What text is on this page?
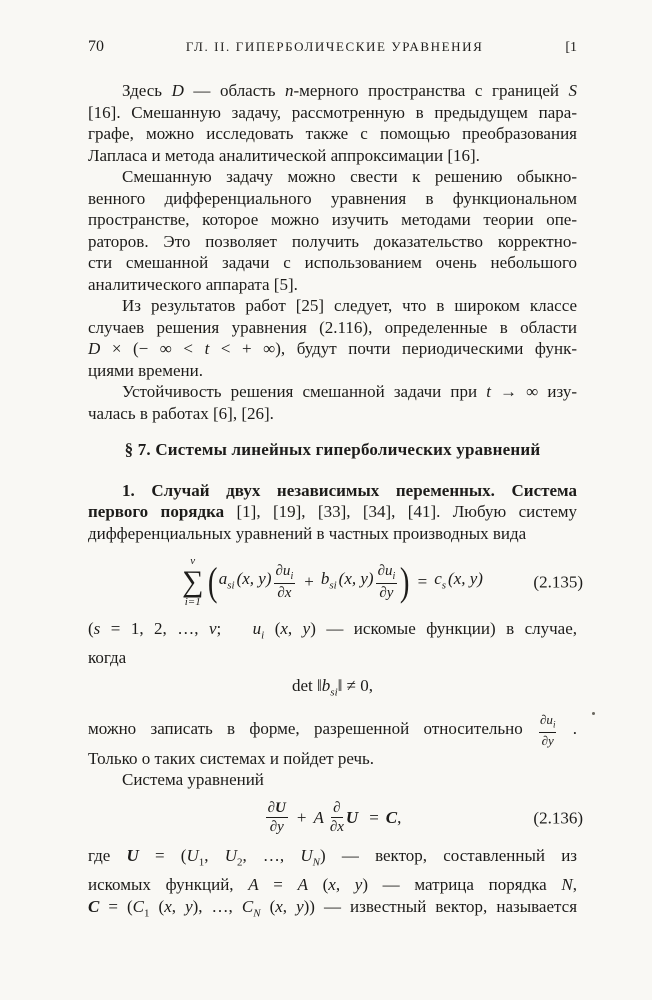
70	ГЛ. II. ГИПЕРБОЛИЧЕСКИЕ УРАВНЕНИЯ	[1
Здесь D — область n-мерного пространства с границей S
[16]. Смешанную задачу, рассмотренную в предыдущем пара-
графе, можно исследовать также с помощью преобразования
Лапласа и метода аналитической аппроксимации [16].
Смешанную задачу можно свести к решению обыкно-
венного дифференциального уравнения в функциональном
пространстве, которое можно изучить методами теории опе-
раторов. Это позволяет получить доказательство корректно-
сти смешанной задачи с использованием очень небольшого
аналитического аппарата [5].
Из результатов работ [25] следует, что в широком классе
случаев решения уравнения (2.116), определенные в области
D × (− ∞ < t < + ∞), будут почти периодическими функ-
циями времени.
Устойчивость решения смешанной задачи при t → ∞ изу-
чалась в работах [6], [26].
§ 7. Системы линейных гиперболических уравнений
1. Случай двух независимых переменных. Система
первого порядка [1], [19], [33], [34], [41]. Любую систему
дифференциальных уравнений в частных производных вида
ν
∑
i=1 ( $a_{si}$ (x, $y) \frac{\partial u_i}{\partial x} + b_{si}$ (x, $y) \frac{\partial u_i}{\partial y}$ ) = $c_s$ (x, y)	(2.135)
(s = 1, 2, …, ν;   $u_i$ (x, y) — искомые функции) в случае,
когда
$\det ‖b_{si}‖ \ne 0$,
можно записать в форме, разрешенной относительно $\frac{\partial u_i}{\partial y}$ .
Только о таких системах и пойдет речь.
Система уравнений
$\frac{\partial U}{\partial y} + A \frac{\partial}{\partial x}$ U = C,	(2.136)
где $U = (U_1$, $U_2$, …, $U_N$) — вектор, составленный из
искомых функций, A = A (x, y) — матрица порядка N,
$C = (C_1$ (x, y), …, $C_N$ (x, y)) — известный вектор, называется
